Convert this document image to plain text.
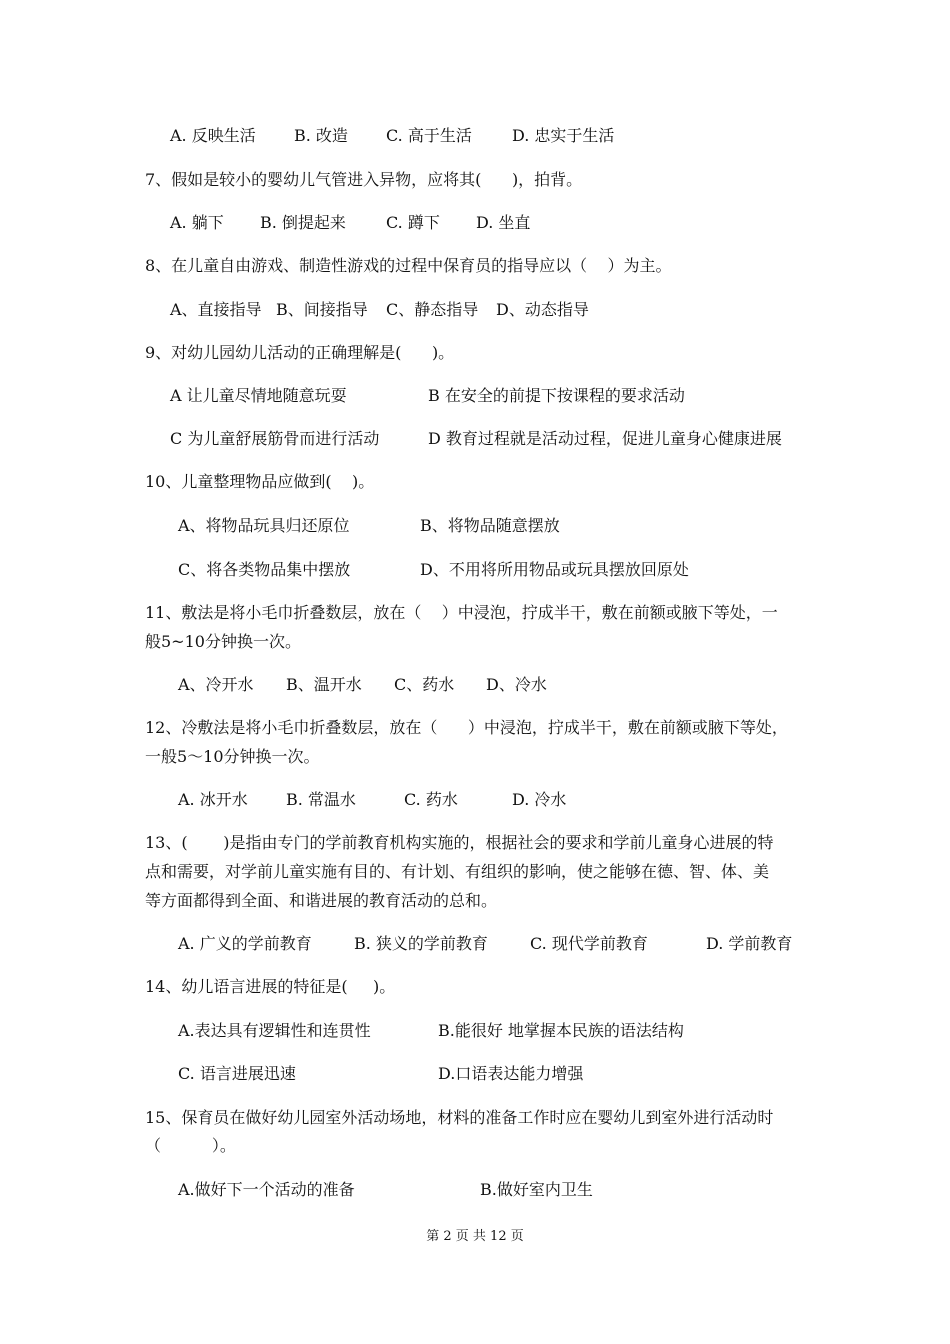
A. 反映生活 B. 改造 C. 高于生活	D. 忠实于生活
7、假如是较小的婴幼儿气管进入异物，应将其(      )，拍背。
A. 躺下 B. 倒提起来	C. 蹲下 D. 坐直
8、在儿童自由游戏、制造性游戏的过程中保育员的指导应以（    ）为主。
A、直接指导 B、间接指导 C、静态指导 D、动态指导
9、对幼儿园幼儿活动的正确理解是(      )。
A 让儿童尽情地随意玩耍	B 在安全的前提下按课程的要求活动
C 为儿童舒展筋骨而进行活动	D 教育过程就是活动过程，促进儿童身心健康进展
10、儿童整理物品应做到(    )。
A、将物品玩具归还原位	B、将物品随意摆放
C、将各类物品集中摆放	D、不用将所用物品或玩具摆放回原处
11、敷法是将小毛巾折叠数层，放在（    ）中浸泡，拧成半干，敷在前额或腋下等处，一
般5~10分钟换一次。
A、冷开水 B、温开水 C、药水 D、冷水
12、冷敷法是将小毛巾折叠数层，放在（      ）中浸泡，拧成半干，敷在前额或腋下等处，
一般5～10分钟换一次。
A. 冰开水 B. 常温水	C. 药水	D. 冷水
13、(       )是指由专门的学前教育机构实施的，根据社会的要求和学前儿童身心进展的特
点和需要，对学前儿童实施有目的、有计划、有组织的影响，使之能够在德、智、体、美
等方面都得到全面、和谐进展的教育活动的总和。
A. 广义的学前教育	B. 狭义的学前教育	C. 现代学前教育	D. 学前教育
14、幼儿语言进展的特征是(     )。
A.表达具有逻辑性和连贯性	B.能很好 地掌握本民族的语法结构
C. 语言进展迅速	D.口语表达能力增强
15、保育员在做好幼儿园室外活动场地，材料的准备工作时应在婴幼儿到室外进行活动时
（          ）。
A.做好下一个活动的准备	B.做好室内卫生
第 2 页 共 12 页
